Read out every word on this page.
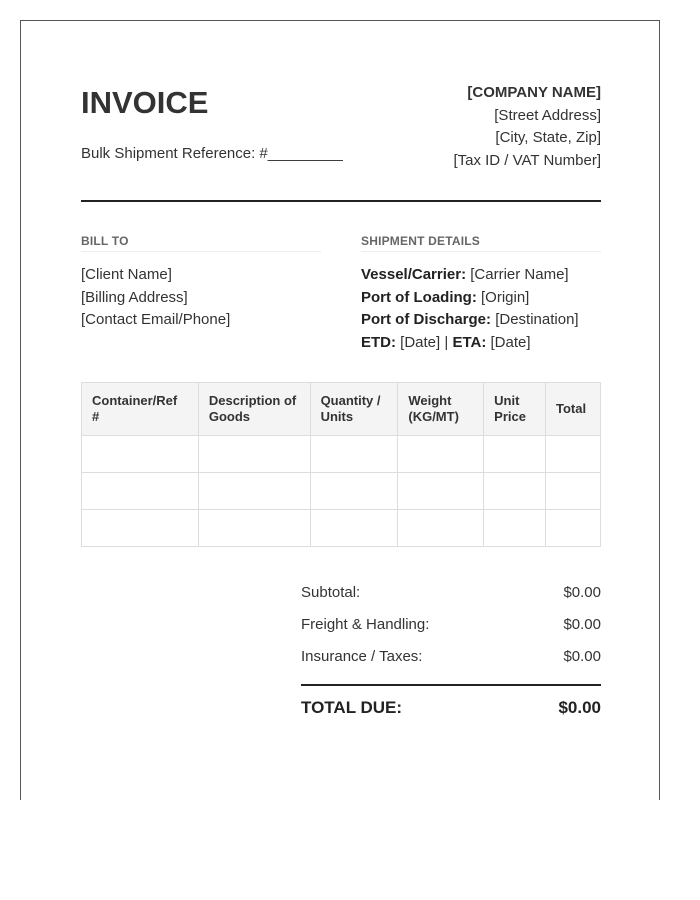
INVOICE
Bulk Shipment Reference: #_________
[COMPANY NAME]
[Street Address]
[City, State, Zip]
[Tax ID / VAT Number]
BILL TO
[Client Name]
[Billing Address]
[Contact Email/Phone]
SHIPMENT DETAILS
Vessel/Carrier: [Carrier Name]
Port of Loading: [Origin]
Port of Discharge: [Destination]
ETD: [Date] | ETA: [Date]
Container/Ref #	Description of Goods	Quantity / Units	Weight (KG/MT)	Unit Price	Total

Subtotal:	$0.00
Freight & Handling:	$0.00
Insurance / Taxes:	$0.00
TOTAL DUE:	$0.00
